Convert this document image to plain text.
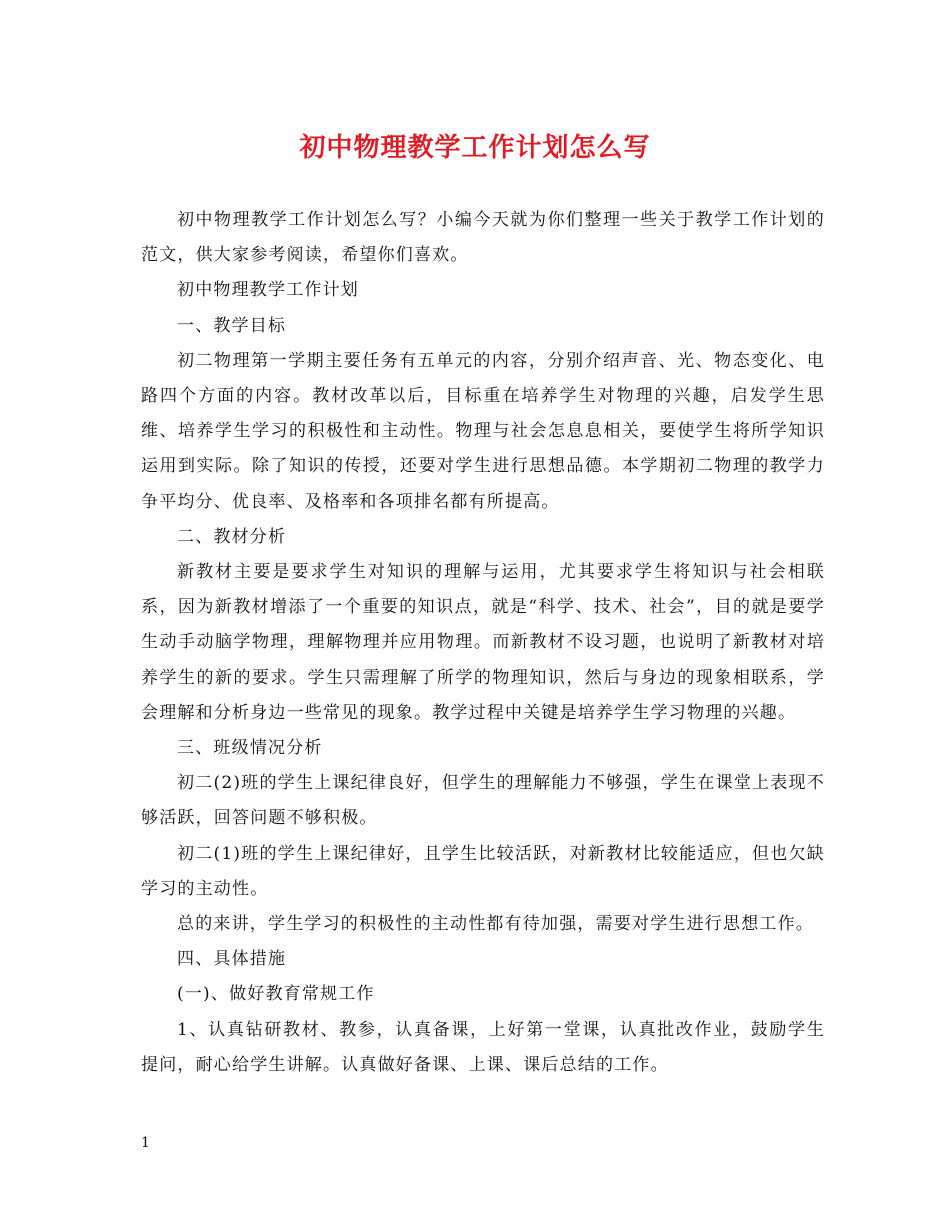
初中物理教学工作计划怎么写

初中物理教学工作计划怎么写？小编今天就为你们整理一些关于教学工作计划的范文，供大家参考阅读，希望你们喜欢。

初中物理教学工作计划

一、教学目标

初二物理第一学期主要任务有五单元的内容，分别介绍声音、光、物态变化、电路四个方面的内容。教材改革以后，目标重在培养学生对物理的兴趣，启发学生思维、培养学生学习的积极性和主动性。物理与社会怎息息相关，要使学生将所学知识运用到实际。除了知识的传授，还要对学生进行思想品德。本学期初二物理的教学力争平均分、优良率、及格率和各项排名都有所提高。

二、教材分析

新教材主要是要求学生对知识的理解与运用，尤其要求学生将知识与社会相联系，因为新教材增添了一个重要的知识点，就是“科学、技术、社会”，目的就是要学生动手动脑学物理，理解物理并应用物理。而新教材不设习题，也说明了新教材对培养学生的新的要求。学生只需理解了所学的物理知识，然后与身边的现象相联系，学会理解和分析身边一些常见的现象。教学过程中关键是培养学生学习物理的兴趣。

三、班级情况分析

初二(2)班的学生上课纪律良好，但学生的理解能力不够强，学生在课堂上表现不够活跃，回答问题不够积极。

初二(1)班的学生上课纪律好，且学生比较活跃，对新教材比较能适应，但也欠缺学习的主动性。

总的来讲，学生学习的积极性的主动性都有待加强，需要对学生进行思想工作。

四、具体措施

(一)、做好教育常规工作

1、认真钻研教材、教参，认真备课，上好第一堂课，认真批改作业，鼓励学生提问，耐心给学生讲解。认真做好备课、上课、课后总结的工作。

1
